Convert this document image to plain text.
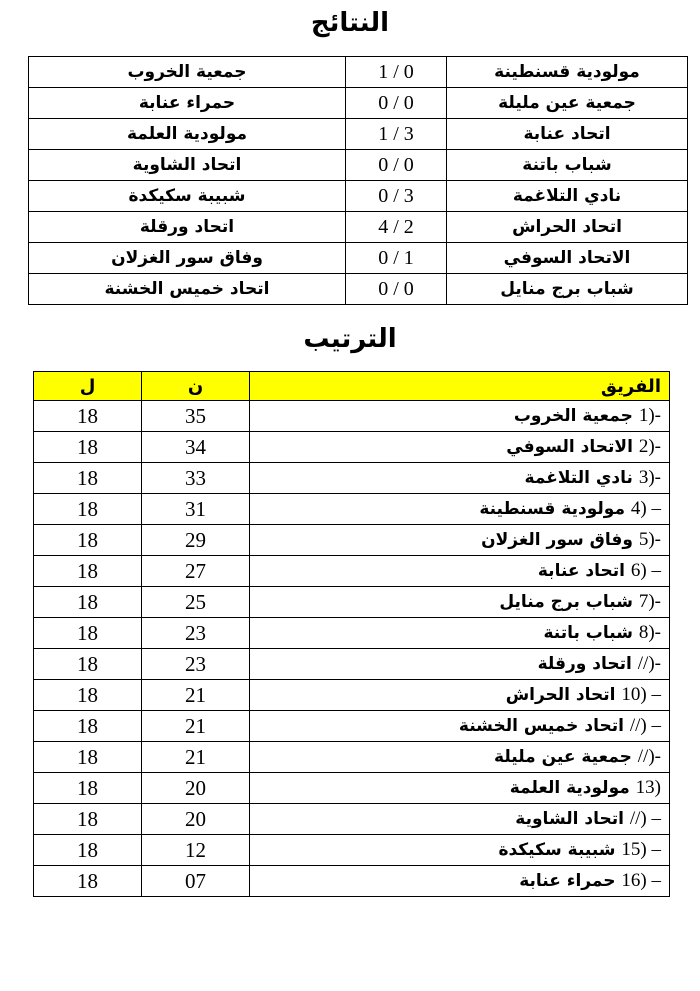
النتائج
مولودية قسنطينة	1 / 0	جمعية الخروب
جمعية عين مليلة	0 / 0	حمراء عنابة
اتحاد عنابة	1 / 3	مولودية العلمة
شباب باتنة	0 / 0	اتحاد الشاوية
نادي التلاغمة	0 / 3	شبيبة سكيكدة
اتحاد الحراش	4 / 2	اتحاد ورقلة
الاتحاد السوفي	0 / 1	وفاق سور الغزلان
شباب برج منايل	0 / 0	اتحاد خميس الخشنة
الترتيب
الفريق	ن	ل
1)- جمعية الخروب	35	18
2)- الاتحاد السوفي	34	18
3)- نادي التلاغمة	33	18
4) – مولودية قسنطينة	31	18
5)- وفاق سور الغزلان	29	18
6) – اتحاد عنابة	27	18
7)- شباب برج منايل	25	18
8)- شباب باتنة	23	18
//)- اتحاد ورقلة	23	18
10) – اتحاد الحراش	21	18
//) – اتحاد خميس الخشنة	21	18
//)- جمعية عين مليلة	21	18
13) مولودية العلمة	20	18
//) – اتحاد الشاوية	20	18
15) – شبيبة سكيكدة	12	18
16) – حمراء عنابة	07	18
